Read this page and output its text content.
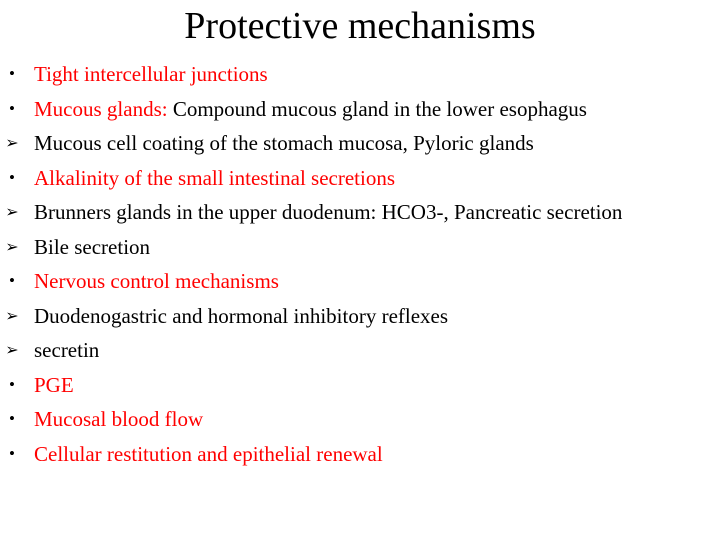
Protective mechanisms
• Tight intercellular junctions
• Mucous glands: Compound mucous gland in the lower esophagus
➢ Mucous cell coating of the stomach mucosa, Pyloric glands
• Alkalinity of the small intestinal secretions
➢ Brunners glands in the upper duodenum: HCO3-, Pancreatic secretion
➢ Bile secretion
• Nervous control mechanisms
➢ Duodenogastric and hormonal inhibitory reflexes
➢ secretin
• PGE
• Mucosal blood flow
• Cellular restitution and epithelial renewal
